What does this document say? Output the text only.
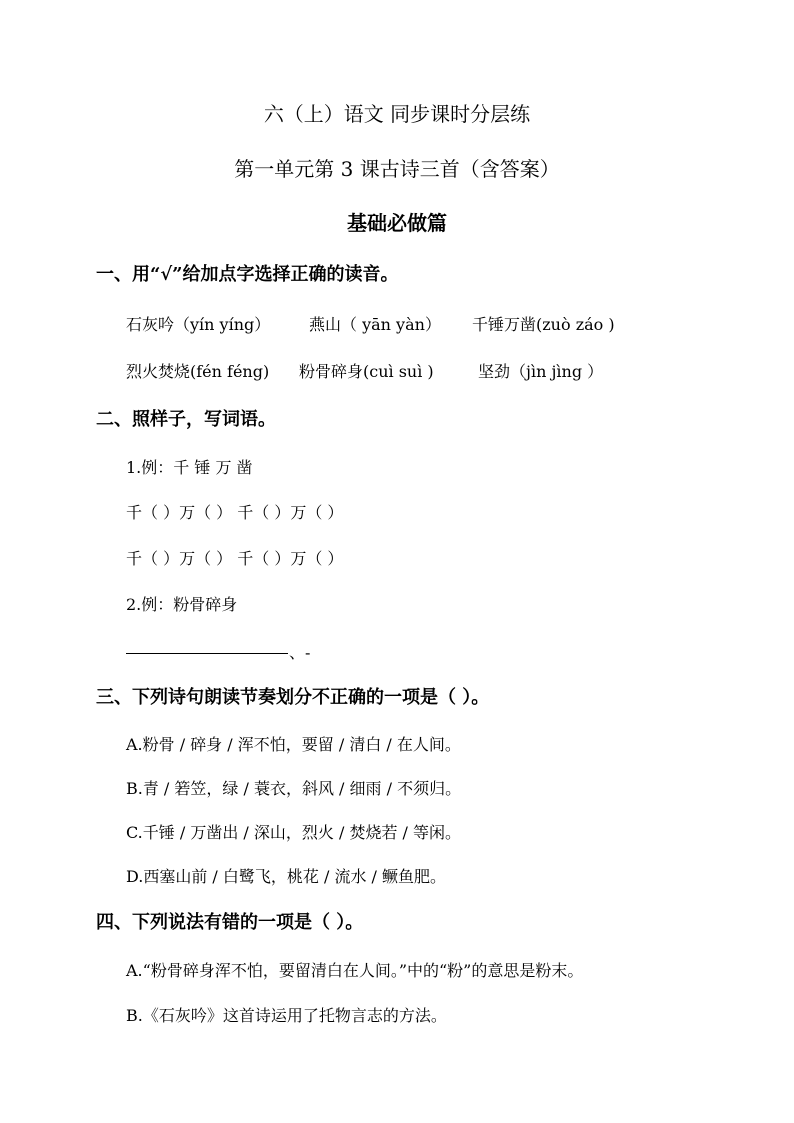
六（上）语文 同步课时分层练
第一单元第 3 课古诗三首（含答案）
基础必做篇
一、用“√”给加点字选择正确的读音。
石灰吟（yín yíng） 燕山（ yān yàn） 千锤万凿(zuò záo )
烈火焚烧(fén féng) 粉骨碎身(cuì suì )	坚劲（jìn jìng ）
二、照样子，写词语。
1.例：千 锤 万 凿
千（ ）万（ ） 千（ ）万（ ）
千（ ）万（ ） 千（ ）万（ ）
2.例：粉骨碎身
、-
三、下列诗句朗读节奏划分不正确的一项是（ ）。
A.粉骨 / 碎身 / 浑不怕，要留 / 清白 / 在人间。
B.青 / 箬笠，绿 / 蓑衣，斜风 / 细雨 / 不须归。
C.千锤 / 万凿出 / 深山，烈火 / 焚烧若 / 等闲。
D.西塞山前 / 白鹭飞，桃花 / 流水 / 鳜鱼肥。
四、下列说法有错的一项是（ ）。
A.“粉骨碎身浑不怕，要留清白在人间。”中的“粉”的意思是粉末。
B.《石灰吟》这首诗运用了托物言志的方法。
